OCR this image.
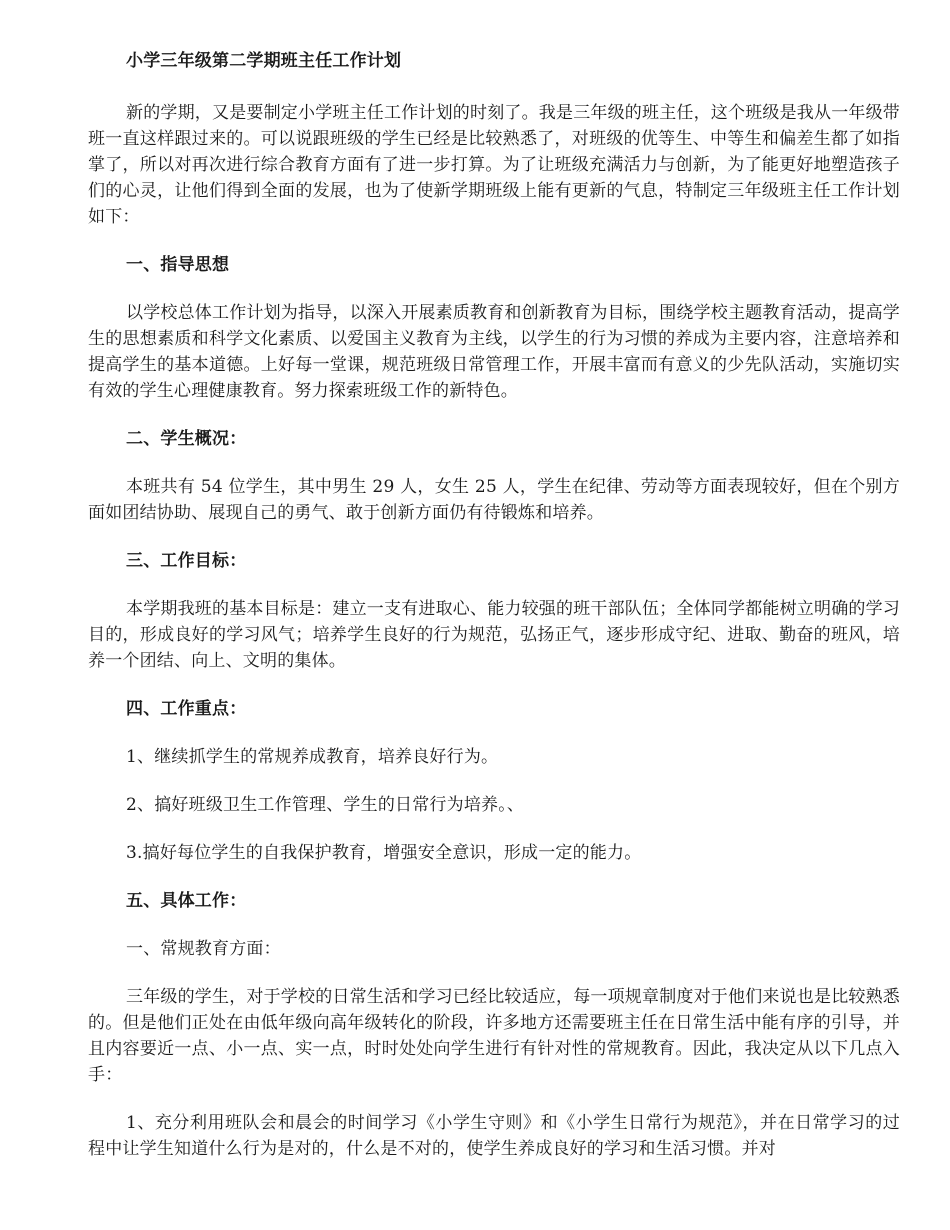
小学三年级第二学期班主任工作计划

新的学期，又是要制定小学班主任工作计划的时刻了。我是三年级的班主任，这个班级是我从一年级带班一直这样跟过来的。可以说跟班级的学生已经是比较熟悉了，对班级的优等生、中等生和偏差生都了如指掌了，所以对再次进行综合教育方面有了进一步打算。为了让班级充满活力与创新，为了能更好地塑造孩子们的心灵，让他们得到全面的发展，也为了使新学期班级上能有更新的气息，特制定三年级班主任工作计划如下：

一、指导思想

以学校总体工作计划为指导，以深入开展素质教育和创新教育为目标，围绕学校主题教育活动，提高学生的思想素质和科学文化素质、以爱国主义教育为主线，以学生的行为习惯的养成为主要内容，注意培养和提高学生的基本道德。上好每一堂课，规范班级日常管理工作，开展丰富而有意义的少先队活动，实施切实有效的学生心理健康教育。努力探索班级工作的新特色。

二、学生概况：

本班共有 54 位学生，其中男生 29 人，女生 25 人，学生在纪律、劳动等方面表现较好，但在个别方面如团结协助、展现自己的勇气、敢于创新方面仍有待锻炼和培养。

三、工作目标：

本学期我班的基本目标是：建立一支有进取心、能力较强的班干部队伍；全体同学都能树立明确的学习目的，形成良好的学习风气；培养学生良好的行为规范，弘扬正气，逐步形成守纪、进取、勤奋的班风，培养一个团结、向上、文明的集体。

四、工作重点：

1、继续抓学生的常规养成教育，培养良好行为。

2、搞好班级卫生工作管理、学生的日常行为培养。、

3.搞好每位学生的自我保护教育，增强安全意识，形成一定的能力。

五、具体工作：

一、常规教育方面：

三年级的学生，对于学校的日常生活和学习已经比较适应，每一项规章制度对于他们来说也是比较熟悉的。但是他们正处在由低年级向高年级转化的阶段，许多地方还需要班主任在日常生活中能有序的引导，并且内容要近一点、小一点、实一点，时时处处向学生进行有针对性的常规教育。因此，我决定从以下几点入手：

1、充分利用班队会和晨会的时间学习《小学生守则》和《小学生日常行为规范》，并在日常学习的过程中让学生知道什么行为是对的，什么是不对的，使学生养成良好的学习和生活习惯。并对
